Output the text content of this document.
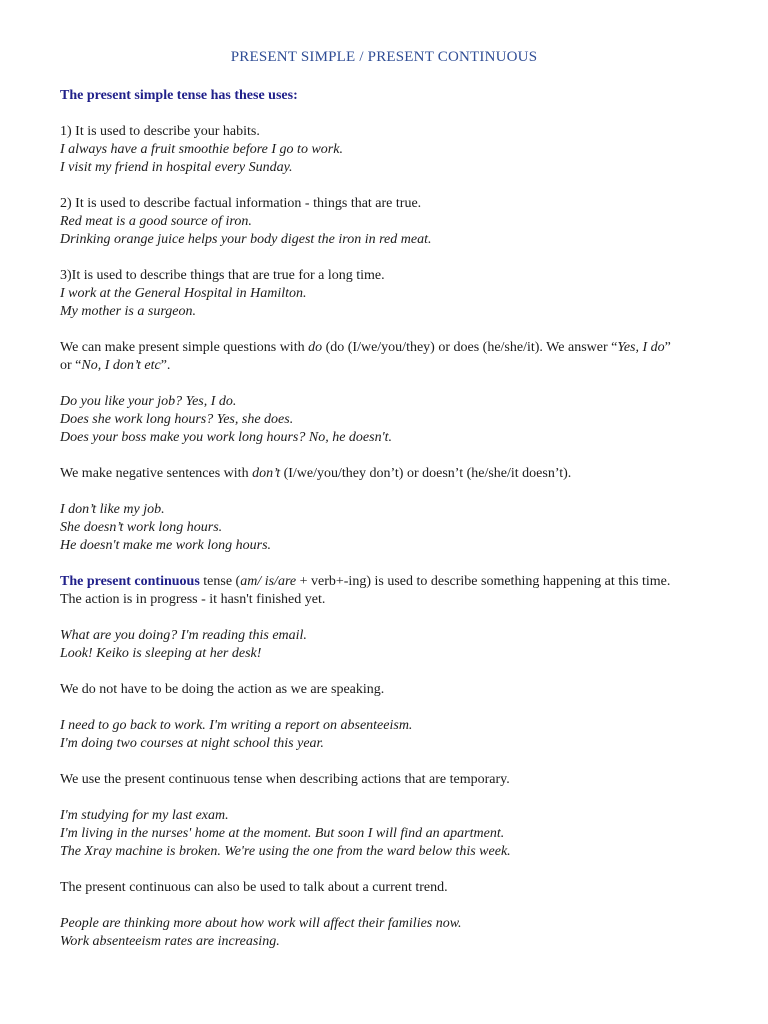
PRESENT SIMPLE / PRESENT CONTINUOUS

The present simple tense has these uses:

1) It is used to describe your habits.

I always have a fruit smoothie before I go to work.

I visit my friend in hospital every Sunday.

2) It is used to describe factual information - things that are true.

Red meat is a good source of iron.

Drinking orange juice helps your body digest the iron in red meat.

3)It is used to describe things that are true for a long time.

I work at the General Hospital in Hamilton.

My mother is a surgeon.

We can make present simple questions with do (do (I/we/you/they) or does (he/she/it). We answer “Yes, I do”

or “No, I don’t etc”.

Do you like your job? Yes, I do.

Does she work long hours? Yes, she does.

Does your boss make you work long hours? No, he doesn't.

We make negative sentences with don’t (I/we/you/they don’t) or doesn’t (he/she/it doesn’t).

I don’t like my job.

She doesn’t work long hours.

He doesn't make me work long hours.

The present continuous tense (am/ is/are + verb+-ing) is used to describe something happening at this time.

The action is in progress - it hasn't finished yet.

What are you doing? I'm reading this email.

Look! Keiko is sleeping at her desk!

We do not have to be doing the action as we are speaking.

I need to go back to work. I'm writing a report on absenteeism.

I'm doing two courses at night school this year.

We use the present continuous tense when describing actions that are temporary.

I'm studying for my last exam.

I'm living in the nurses' home at the moment. But soon I will find an apartment.

The Xray machine is broken. We're using the one from the ward below this week.

The present continuous can also be used to talk about a current trend.

People are thinking more about how work will affect their families now.

Work absenteeism rates are increasing.
